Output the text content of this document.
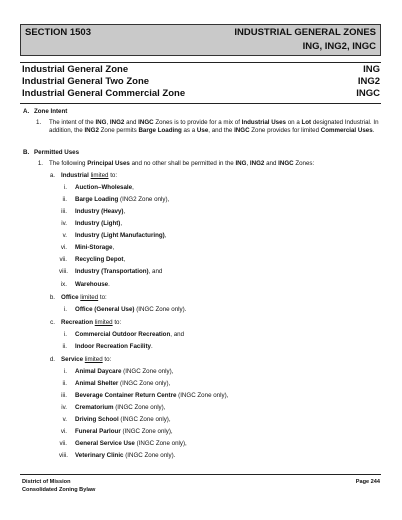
SECTION 1503	INDUSTRIAL GENERAL ZONES
ING, ING2, INGC
Industrial General Zone	ING
Industrial General Two Zone	ING2
Industrial General Commercial Zone	INGC
A. Zone Intent
1. The intent of the ING, ING2 and INGC Zones is to provide for a mix of Industrial Uses on a Lot designated Industrial. In addition, the ING2 Zone permits Barge Loading as a Use, and the INGC Zone provides for limited Commercial Uses.
B. Permitted Uses
1. The following Principal Uses and no other shall be permitted in the ING, ING2 and INGC Zones:
a. Industrial limited to:
i. Auction–Wholesale,
ii. Barge Loading (ING2 Zone only),
iii. Industry (Heavy),
iv. Industry (Light),
v. Industry (Light Manufacturing),
vi. Mini-Storage,
vii. Recycling Depot,
viii. Industry (Transportation), and
ix. Warehouse.
b. Office limited to:
i. Office (General Use) (INGC Zone only).
c. Recreation limited to:
i. Commercial Outdoor Recreation, and
ii. Indoor Recreation Facility.
d. Service limited to:
i. Animal Daycare (INGC Zone only),
ii. Animal Shelter (INGC Zone only),
iii. Beverage Container Return Centre (INGC Zone only),
iv. Crematorium (INGC Zone only),
v. Driving School (INGC Zone only),
vi. Funeral Parlour (INGC Zone only),
vii. General Service Use (INGC Zone only),
viii. Veterinary Clinic (INGC Zone only).
District of Mission
Consolidated Zoning Bylaw
Page 244
